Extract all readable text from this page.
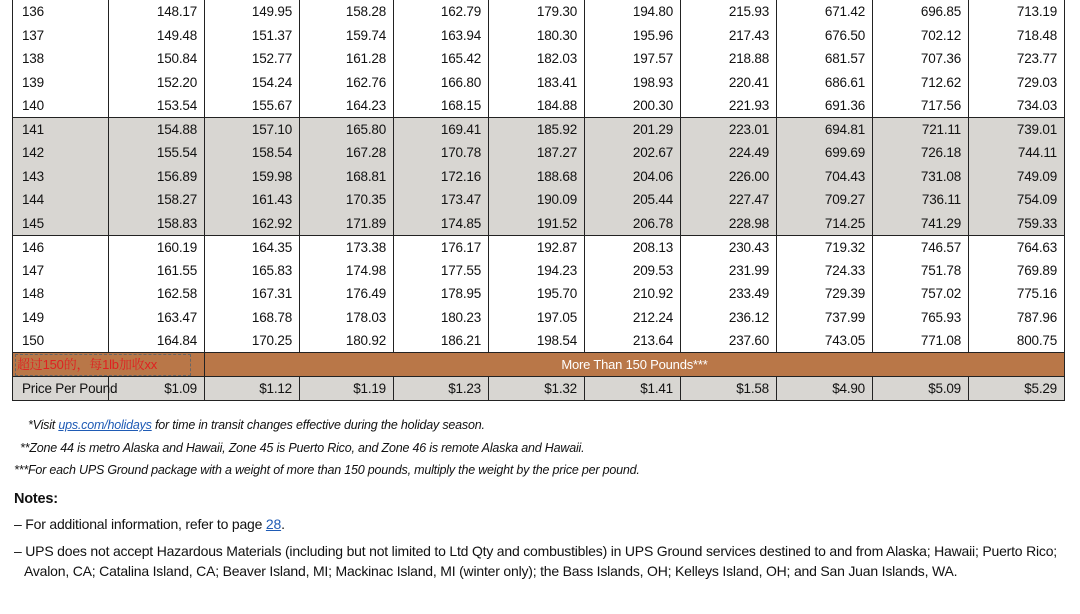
136	148.17	149.95	158.28	162.79	179.30	194.80	215.93	671.42	696.85	713.19
137	149.48	151.37	159.74	163.94	180.30	195.96	217.43	676.50	702.12	718.48
138	150.84	152.77	161.28	165.42	182.03	197.57	218.88	681.57	707.36	723.77
139	152.20	154.24	162.76	166.80	183.41	198.93	220.41	686.61	712.62	729.03
140	153.54	155.67	164.23	168.15	184.88	200.30	221.93	691.36	717.56	734.03
141	154.88	157.10	165.80	169.41	185.92	201.29	223.01	694.81	721.11	739.01
142	155.54	158.54	167.28	170.78	187.27	202.67	224.49	699.69	726.18	744.11
143	156.89	159.98	168.81	172.16	188.68	204.06	226.00	704.43	731.08	749.09
144	158.27	161.43	170.35	173.47	190.09	205.44	227.47	709.27	736.11	754.09
145	158.83	162.92	171.89	174.85	191.52	206.78	228.98	714.25	741.29	759.33
146	160.19	164.35	173.38	176.17	192.87	208.13	230.43	719.32	746.57	764.63
147	161.55	165.83	174.98	177.55	194.23	209.53	231.99	724.33	751.78	769.89
148	162.58	167.31	176.49	178.95	195.70	210.92	233.49	729.39	757.02	775.16
149	163.47	168.78	178.03	180.23	197.05	212.24	236.12	737.99	765.93	787.96
150	164.84	170.25	180.92	186.21	198.54	213.64	237.60	743.05	771.08	800.75

超过150的，每1lb加收xx		More Than 150 Pounds***								
Price Per Pound	$1.09	$1.12	$1.19	$1.23	$1.32	$1.41	$1.58	$4.90	$5.09	$5.29
*Visit ups.com/holidays for time in transit changes effective during the holiday season.
**Zone 44 is metro Alaska and Hawaii, Zone 45 is Puerto Rico, and Zone 46 is remote Alaska and Hawaii.
***For each UPS Ground package with a weight of more than 150 pounds, multiply the weight by the price per pound.
Notes:
– For additional information, refer to page 28.
– UPS does not accept Hazardous Materials (including but not limited to Ltd Qty and combustibles) in UPS Ground services destined to and from Alaska; Hawaii; Puerto Rico;
Avalon, CA; Catalina Island, CA; Beaver Island, MI; Mackinac Island, MI (winter only); the Bass Islands, OH; Kelleys Island, OH; and San Juan Islands, WA.
